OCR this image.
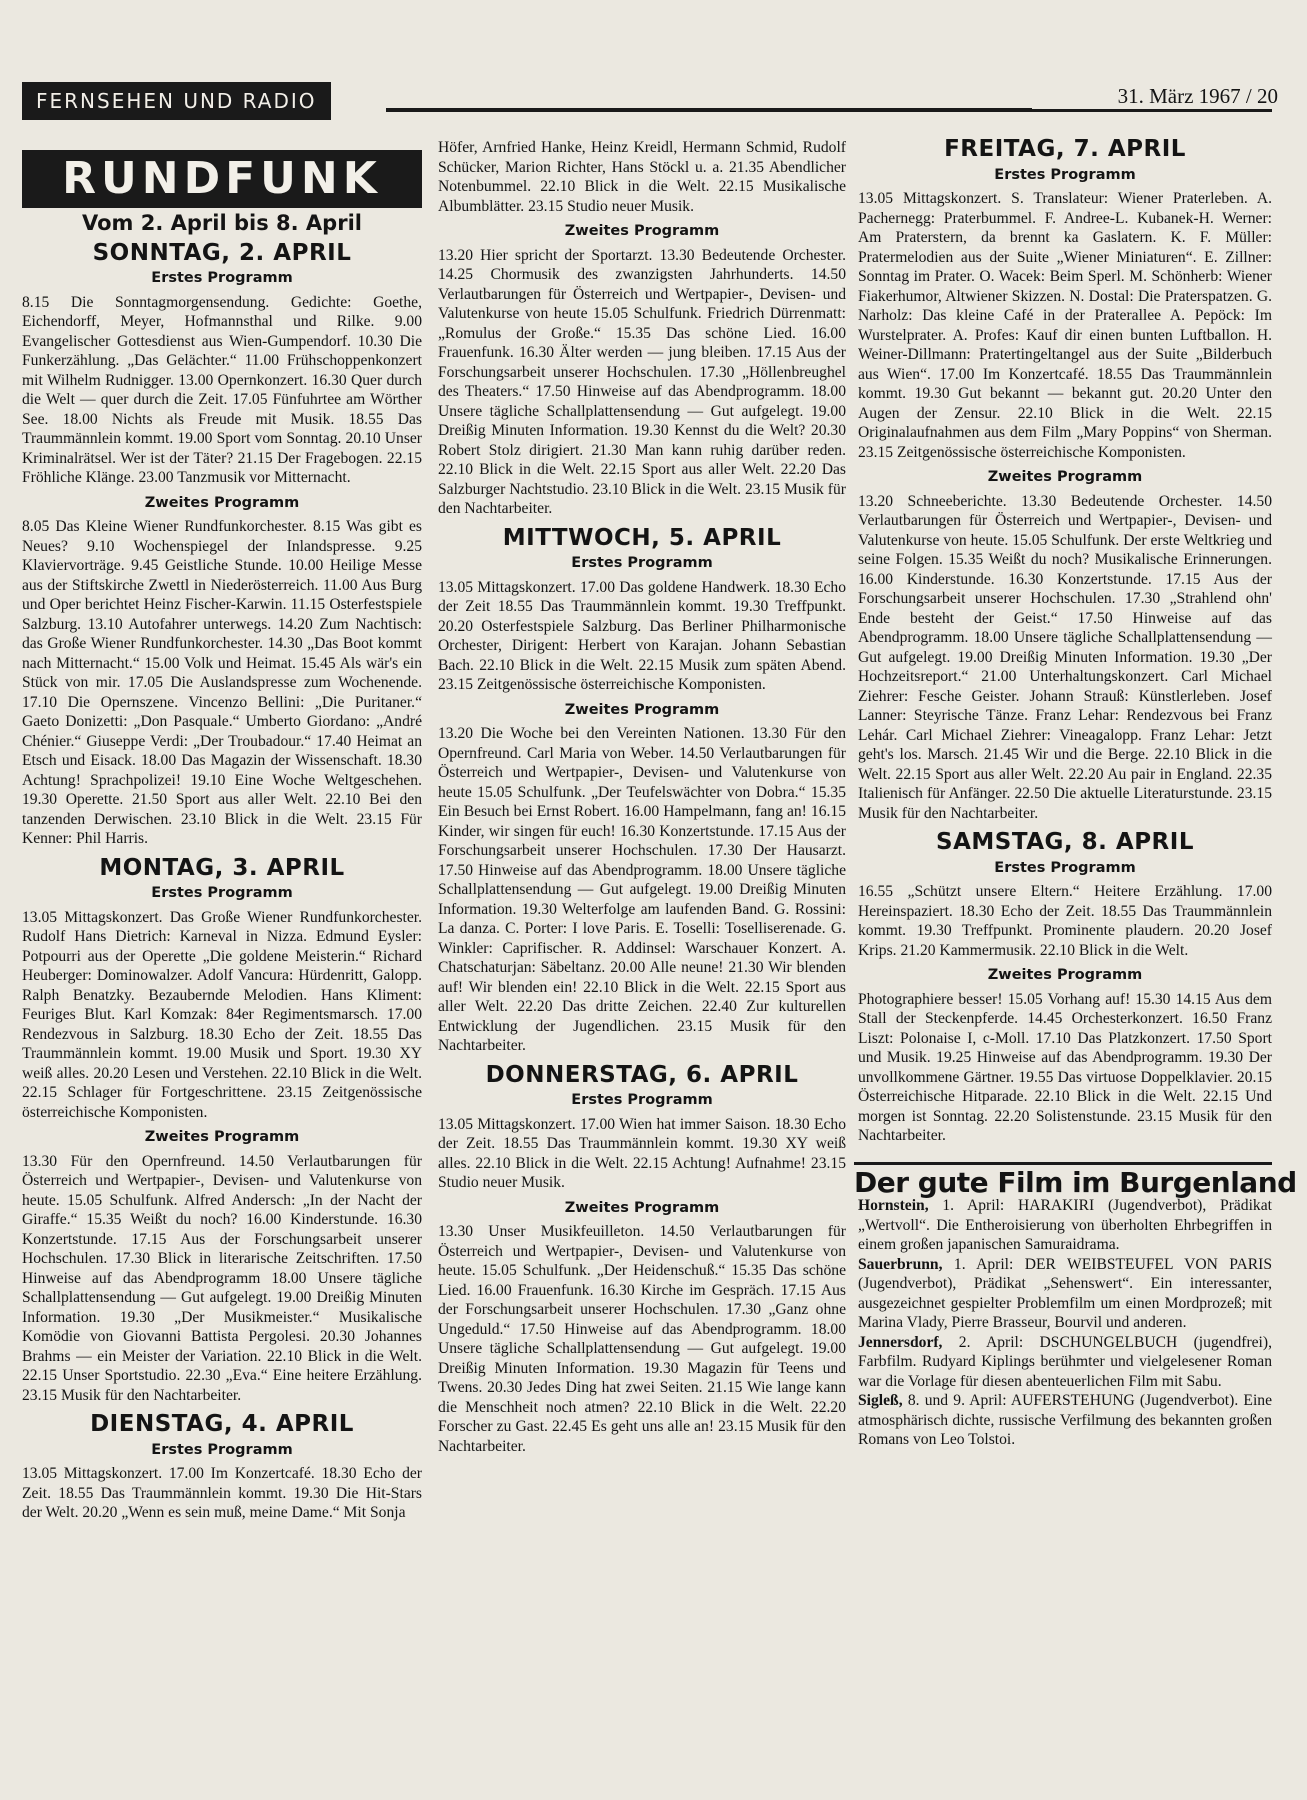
FERNSEHEN UND RADIO	31. März 1967 / 20
RUNDFUNK
Vom 2. April bis 8. April
SONNTAG, 2. APRIL
Erstes Programm

8.15 Die Sonntagmorgensendung. Gedichte: Goethe, Eichendorff, Meyer, Hofmannsthal und Rilke. 9.00 Evangelischer Gottesdienst aus Wien-Gumpendorf. 10.30 Die Funkerzählung. „Das Gelächter.“ 11.00 Frühschoppenkonzert mit Wilhelm Rudnigger. 13.00 Opernkonzert. 16.30 Quer durch die Welt — quer durch die Zeit. 17.05 Fünfuhrtee am Wörther See. 18.00 Nichts als Freude mit Musik. 18.55 Das Traummännlein kommt. 19.00 Sport vom Sonntag. 20.10 Unser Kriminalrätsel. Wer ist der Täter? 21.15 Der Fragebogen. 22.15 Fröhliche Klänge. 23.00 Tanzmusik vor Mitternacht.

Zweites Programm

8.05 Das Kleine Wiener Rundfunkorchester. 8.15 Was gibt es Neues? 9.10 Wochenspiegel der Inlandspresse. 9.25 Klaviervorträge. 9.45 Geistliche Stunde. 10.00 Heilige Messe aus der Stiftskirche Zwettl in Niederösterreich. 11.00 Aus Burg und Oper berichtet Heinz Fischer-Karwin. 11.15 Osterfestspiele Salzburg. 13.10 Autofahrer unterwegs. 14.20 Zum Nachtisch: das Große Wiener Rundfunkorchester. 14.30 „Das Boot kommt nach Mitternacht.“ 15.00 Volk und Heimat. 15.45 Als wär's ein Stück von mir. 17.05 Die Auslandspresse zum Wochenende. 17.10 Die Opernszene. Vincenzo Bellini: „Die Puritaner.“ Gaeto Donizetti: „Don Pasquale.“ Umberto Giordano: „André Chénier.“ Giuseppe Verdi: „Der Troubadour.“ 17.40 Heimat an Etsch und Eisack. 18.00 Das Magazin der Wissenschaft. 18.30 Achtung! Sprachpolizei! 19.10 Eine Woche Weltgeschehen. 19.30 Operette. 21.50 Sport aus aller Welt. 22.10 Bei den tanzenden Derwischen. 23.10 Blick in die Welt. 23.15 Für Kenner: Phil Harris.

MONTAG, 3. APRIL
Erstes Programm

13.05 Mittagskonzert. Das Große Wiener Rundfunkorchester. Rudolf Hans Dietrich: Karneval in Nizza. Edmund Eysler: Potpourri aus der Operette „Die goldene Meisterin.“ Richard Heuberger: Dominowalzer. Adolf Vancura: Hürdenritt, Galopp. Ralph Benatzky. Bezaubernde Melodien. Hans Kliment: Feuriges Blut. Karl Komzak: 84er Regimentsmarsch. 17.00 Rendezvous in Salzburg. 18.30 Echo der Zeit. 18.55 Das Traummännlein kommt. 19.00 Musik und Sport. 19.30 XY weiß alles. 20.20 Lesen und Verstehen. 22.10 Blick in die Welt. 22.15 Schlager für Fortgeschrittene. 23.15 Zeitgenössische österreichische Komponisten.

Zweites Programm

13.30 Für den Opernfreund. 14.50 Verlautbarungen für Österreich und Wertpapier-, Devisen- und Valutenkurse von heute. 15.05 Schulfunk. Alfred Andersch: „In der Nacht der Giraffe.“ 15.35 Weißt du noch? 16.00 Kinderstunde. 16.30 Konzertstunde. 17.15 Aus der Forschungsarbeit unserer Hochschulen. 17.30 Blick in literarische Zeitschriften. 17.50 Hinweise auf das Abendprogramm 18.00 Unsere tägliche Schallplattensendung — Gut aufgelegt. 19.00 Dreißig Minuten Information. 19.30 „Der Musikmeister.“ Musikalische Komödie von Giovanni Battista Pergolesi. 20.30 Johannes Brahms — ein Meister der Variation. 22.10 Blick in die Welt. 22.15 Unser Sportstudio. 22.30 „Eva.“ Eine heitere Erzählung. 23.15 Musik für den Nachtarbeiter.

DIENSTAG, 4. APRIL
Erstes Programm

13.05 Mittagskonzert. 17.00 Im Konzertcafé. 18.30 Echo der Zeit. 18.55 Das Traummännlein kommt. 19.30 Die Hit-Stars der Welt. 20.20 „Wenn es sein muß, meine Dame.“ Mit Sonja

Höfer, Arnfried Hanke, Heinz Kreidl, Hermann Schmid, Rudolf Schücker, Marion Richter, Hans Stöckl u. a. 21.35 Abendlicher Notenbummel. 22.10 Blick in die Welt. 22.15 Musikalische Albumblätter. 23.15 Studio neuer Musik.

Zweites Programm

13.20 Hier spricht der Sportarzt. 13.30 Bedeutende Orchester. 14.25 Chormusik des zwanzigsten Jahrhunderts. 14.50 Verlautbarungen für Österreich und Wertpapier-, Devisen- und Valutenkurse von heute 15.05 Schulfunk. Friedrich Dürrenmatt: „Romulus der Große.“ 15.35 Das schöne Lied. 16.00 Frauenfunk. 16.30 Älter werden — jung bleiben. 17.15 Aus der Forschungsarbeit unserer Hochschulen. 17.30 „Höllenbreughel des Theaters.“ 17.50 Hinweise auf das Abendprogramm. 18.00 Unsere tägliche Schallplattensendung — Gut aufgelegt. 19.00 Dreißig Minuten Information. 19.30 Kennst du die Welt? 20.30 Robert Stolz dirigiert. 21.30 Man kann ruhig darüber reden. 22.10 Blick in die Welt. 22.15 Sport aus aller Welt. 22.20 Das Salzburger Nachtstudio. 23.10 Blick in die Welt. 23.15 Musik für den Nachtarbeiter.

MITTWOCH, 5. APRIL
Erstes Programm

13.05 Mittagskonzert. 17.00 Das goldene Handwerk. 18.30 Echo der Zeit 18.55 Das Traummännlein kommt. 19.30 Treffpunkt. 20.20 Osterfestspiele Salzburg. Das Berliner Philharmonische Orchester, Dirigent: Herbert von Karajan. Johann Sebastian Bach. 22.10 Blick in die Welt. 22.15 Musik zum späten Abend. 23.15 Zeitgenössische österreichische Komponisten.

Zweites Programm

13.20 Die Woche bei den Vereinten Nationen. 13.30 Für den Opernfreund. Carl Maria von Weber. 14.50 Verlautbarungen für Österreich und Wertpapier-, Devisen- und Valutenkurse von heute 15.05 Schulfunk. „Der Teufelswächter von Dobra.“ 15.35 Ein Besuch bei Ernst Robert. 16.00 Hampelmann, fang an! 16.15 Kinder, wir singen für euch! 16.30 Konzertstunde. 17.15 Aus der Forschungsarbeit unserer Hochschulen. 17.30 Der Hausarzt. 17.50 Hinweise auf das Abendprogramm. 18.00 Unsere tägliche Schallplattensendung — Gut aufgelegt. 19.00 Dreißig Minuten Information. 19.30 Welterfolge am laufenden Band. G. Rossini: La danza. C. Porter: I love Paris. E. Toselli: Toselliserenade. G. Winkler: Caprifischer. R. Addinsel: Warschauer Konzert. A. Chatschaturjan: Säbeltanz. 20.00 Alle neune! 21.30 Wir blenden auf! Wir blenden ein! 22.10 Blick in die Welt. 22.15 Sport aus aller Welt. 22.20 Das dritte Zeichen. 22.40 Zur kulturellen Entwicklung der Jugendlichen. 23.15 Musik für den Nachtarbeiter.

DONNERSTAG, 6. APRIL
Erstes Programm

13.05 Mittagskonzert. 17.00 Wien hat immer Saison. 18.30 Echo der Zeit. 18.55 Das Traummännlein kommt. 19.30 XY weiß alles. 22.10 Blick in die Welt. 22.15 Achtung! Aufnahme! 23.15 Studio neuer Musik.

Zweites Programm

13.30 Unser Musikfeuilleton. 14.50 Verlautbarungen für Österreich und Wertpapier-, Devisen- und Valutenkurse von heute. 15.05 Schulfunk. „Der Heidenschuß.“ 15.35 Das schöne Lied. 16.00 Frauenfunk. 16.30 Kirche im Gespräch. 17.15 Aus der Forschungsarbeit unserer Hochschulen. 17.30 „Ganz ohne Ungeduld.“ 17.50 Hinweise auf das Abendprogramm. 18.00 Unsere tägliche Schallplattensendung — Gut aufgelegt. 19.00 Dreißig Minuten Information. 19.30 Magazin für Teens und Twens. 20.30 Jedes Ding hat zwei Seiten. 21.15 Wie lange kann die Menschheit noch atmen? 22.10 Blick in die Welt. 22.20 Forscher zu Gast. 22.45 Es geht uns alle an! 23.15 Musik für den Nachtarbeiter.

FREITAG, 7. APRIL
Erstes Programm

13.05 Mittagskonzert. S. Translateur: Wiener Praterleben. A. Pachernegg: Praterbummel. F. Andree-L. Kubanek-H. Werner: Am Praterstern, da brennt ka Gaslatern. K. F. Müller: Pratermelodien aus der Suite „Wiener Miniaturen“. E. Zillner: Sonntag im Prater. O. Wacek: Beim Sperl. M. Schönherb: Wiener Fiakerhumor, Altwiener Skizzen. N. Dostal: Die Praterspatzen. G. Narholz: Das kleine Café in der Praterallee A. Pepöck: Im Wurstelprater. A. Profes: Kauf dir einen bunten Luftballon. H. Weiner-Dillmann: Pratertingeltangel aus der Suite „Bilderbuch aus Wien“. 17.00 Im Konzertcafé. 18.55 Das Traummännlein kommt. 19.30 Gut bekannt — bekannt gut. 20.20 Unter den Augen der Zensur. 22.10 Blick in die Welt. 22.15 Originalaufnahmen aus dem Film „Mary Poppins“ von Sherman. 23.15 Zeitgenössische österreichische Komponisten.

Zweites Programm

13.20 Schneeberichte. 13.30 Bedeutende Orchester. 14.50 Verlautbarungen für Österreich und Wertpapier-, Devisen- und Valutenkurse von heute. 15.05 Schulfunk. Der erste Weltkrieg und seine Folgen. 15.35 Weißt du noch? Musikalische Erinnerungen. 16.00 Kinderstunde. 16.30 Konzertstunde. 17.15 Aus der Forschungsarbeit unserer Hochschulen. 17.30 „Strahlend ohn' Ende besteht der Geist.“ 17.50 Hinweise auf das Abendprogramm. 18.00 Unsere tägliche Schallplattensendung — Gut aufgelegt. 19.00 Dreißig Minuten Information. 19.30 „Der Hochzeitsreport.“ 21.00 Unterhaltungskonzert. Carl Michael Ziehrer: Fesche Geister. Johann Strauß: Künstlerleben. Josef Lanner: Steyrische Tänze. Franz Lehar: Rendezvous bei Franz Lehár. Carl Michael Ziehrer: Vineagalopp. Franz Lehar: Jetzt geht's los. Marsch. 21.45 Wir und die Berge. 22.10 Blick in die Welt. 22.15 Sport aus aller Welt. 22.20 Au pair in England. 22.35 Italienisch für Anfänger. 22.50 Die aktuelle Literaturstunde. 23.15 Musik für den Nachtarbeiter.

SAMSTAG, 8. APRIL
Erstes Programm

16.55 „Schützt unsere Eltern.“ Heitere Erzählung. 17.00 Hereinspaziert. 18.30 Echo der Zeit. 18.55 Das Traummännlein kommt. 19.30 Treffpunkt. Prominente plaudern. 20.20 Josef Krips. 21.20 Kammermusik. 22.10 Blick in die Welt.

Zweites Programm

Photographiere besser! 15.05 Vorhang auf! 15.30 14.15 Aus dem Stall der Steckenpferde. 14.45 Orchesterkonzert. 16.50 Franz Liszt: Polonaise I, c-Moll. 17.10 Das Platzkonzert. 17.50 Sport und Musik. 19.25 Hinweise auf das Abendprogramm. 19.30 Der unvollkommene Gärtner. 19.55 Das virtuose Doppelklavier. 20.15 Österreichische Hitparade. 22.10 Blick in die Welt. 22.15 Und morgen ist Sonntag. 22.20 Solistenstunde. 23.15 Musik für den Nachtarbeiter.

Der gute Film im Burgenland

Hornstein, 1. April: HARAKIRI (Jugendverbot), Prädikat „Wertvoll“. Die Entheroisierung von überholten Ehrbegriffen in einem großen japanischen Samuraidrama.

Sauerbrunn, 1. April: DER WEIBSTEUFEL VON PARIS (Jugendverbot), Prädikat „Sehenswert“. Ein interessanter, ausgezeichnet gespielter Problemfilm um einen Mordprozeß; mit Marina Vlady, Pierre Brasseur, Bourvil und anderen.

Jennersdorf, 2. April: DSCHUNGELBUCH (jugendfrei), Farbfilm. Rudyard Kiplings berühmter und vielgelesener Roman war die Vorlage für diesen abenteuerlichen Film mit Sabu.

Sigleß, 8. und 9. April: AUFERSTEHUNG (Jugendverbot). Eine atmosphärisch dichte, russische Verfilmung des bekannten großen Romans von Leo Tolstoi.
